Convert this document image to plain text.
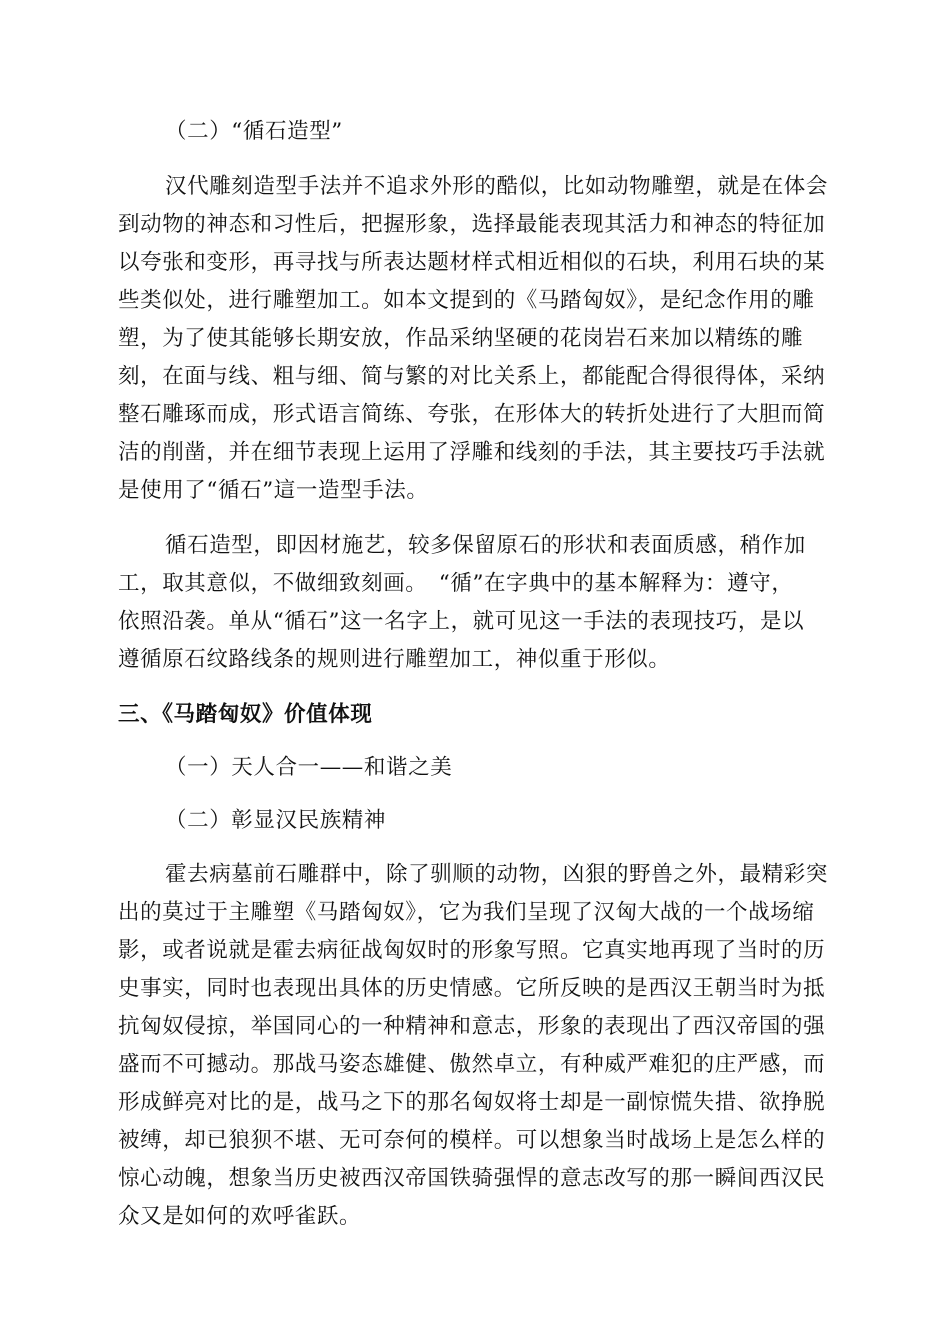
（二）“循石造型”
汉代雕刻造型手法并不追求外形的酷似，比如动物雕塑，就是在体会
到动物的神态和习性后，把握形象，选择最能表现其活力和神态的特征加
以夸张和变形，再寻找与所表达题材样式相近相似的石块，利用石块的某
些类似处，进行雕塑加工。如本文提到的《马踏匈奴》，是纪念作用的雕
塑，为了使其能够长期安放，作品采纳坚硬的花岗岩石来加以精练的雕
刻，在面与线、粗与细、简与繁的对比关系上，都能配合得很得体，采纳
整石雕琢而成，形式语言简练、夸张，在形体大的转折处进行了大胆而简
洁的削凿，并在细节表现上运用了浮雕和线刻的手法，其主要技巧手法就
是使用了“循石”這一造型手法。
循石造型，即因材施艺，较多保留原石的形状和表面质感，稍作加
工，取其意似，不做细致刻画。　“循”在字典中的基本解释为：遵守，
依照沿袭。单从“循石”这一名字上，就可见这一手法的表现技巧，是以
遵循原石纹路线条的规则进行雕塑加工，神似重于形似。
三、《马踏匈奴》价值体现
（一）天人合一——和谐之美
（二）彰显汉民族精神
霍去病墓前石雕群中，除了驯顺的动物，凶狠的野兽之外，最精彩突
出的莫过于主雕塑《马踏匈奴》，它为我们呈现了汉匈大战的一个战场缩
影，或者说就是霍去病征战匈奴时的形象写照。它真实地再现了当时的历
史事实，同时也表现出具体的历史情感。它所反映的是西汉王朝当时为抵
抗匈奴侵掠，举国同心的一种精神和意志，形象的表现出了西汉帝国的强
盛而不可撼动。那战马姿态雄健、傲然卓立，有种威严难犯的庄严感，而
形成鲜亮对比的是，战马之下的那名匈奴将士却是一副惊慌失措、欲挣脱
被缚，却已狼狈不堪、无可奈何的模样。可以想象当时战场上是怎么样的
惊心动魄，想象当历史被西汉帝国铁骑强悍的意志改写的那一瞬间西汉民
众又是如何的欢呼雀跃。
